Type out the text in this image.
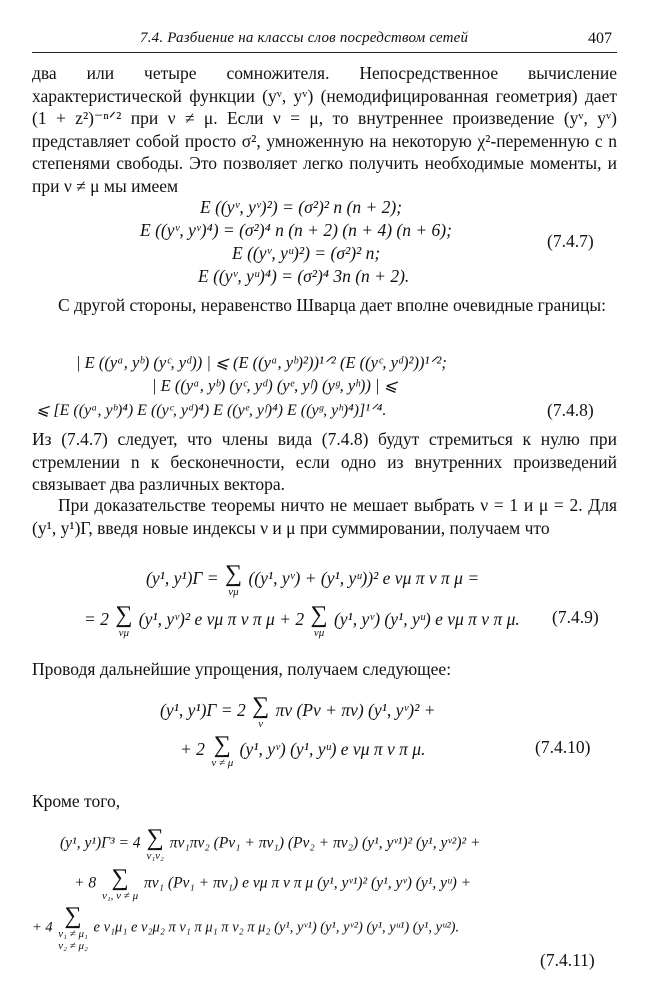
7.4. Разбиение на классы слов посредством сетей	407
два или четыре сомножителя. Непосредственное вычисление характеристической функции (yᵛ, yᵛ) (немодифицированная геометрия) дает (1 + z²)⁻ⁿᐟ² при ν ≠ μ. Если ν = μ, то внутреннее произведение (yᵛ, yᵛ) представляет собой просто σ², умноженную на некоторую χ²-переменную с n степенями свободы. Это позволяет легко получить необходимые моменты, и при ν ≠ μ мы имеем
E ((yᵛ, yᵛ)²) = (σ²)² n (n + 2);
E ((yᵛ, yᵛ)⁴) = (σ²)⁴ n (n + 2) (n + 4) (n + 6);
E ((yᵛ, yᵘ)²) = (σ²)² n;
E ((yᵛ, yᵘ)⁴) = (σ²)⁴ 3n (n + 2).
(7.4.7)
С другой стороны, неравенство Шварца дает вполне очевидные границы:
| E ((yᵃ, yᵇ) (yᶜ, yᵈ)) | ⩽ (E ((yᵃ, yᵇ)²))¹ᐟ² (E ((yᶜ, yᵈ)²))¹ᐟ²;
| E ((yᵃ, yᵇ) (yᶜ, yᵈ) (yᵉ, yᶠ) (yᵍ, yʰ)) | ⩽
⩽ [E ((yᵃ, yᵇ)⁴) E ((yᶜ, yᵈ)⁴) E ((yᵉ, yᶠ)⁴) E ((yᵍ, yʰ)⁴)]¹ᐟ⁴.	(7.4.8)
Из (7.4.7) следует, что члены вида (7.4.8) будут стремиться к нулю при стремлении n к бесконечности, если одно из внутренних произведений связывает два различных вектора.
При доказательстве теоремы ничто не мешает выбрать ν = 1 и μ = 2. Для (y¹, y¹)Γ, введя новые индексы ν и μ при суммировании, получаем что
(y¹, y¹)Γ = ∑
νμ
((y¹, yᵛ) + (y¹, yᵘ))² e νμ π ν π μ =
= 2 ∑
νμ
(y¹, yᵛ)² e νμ π ν π μ + 2 ∑
νμ
(y¹, yᵛ) (y¹, yᵘ) e νμ π ν π μ. (7.4.9)
Проводя дальнейшие упрощения, получаем следующее:
(y¹, y¹)Γ = 2 ∑
ν
πν (Pν + πν) (y¹, yᵛ)² +
+ 2 ∑
ν ≠ μ
(y¹, yᵛ) (y¹, yᵘ) e νμ π ν π μ.	(7.4.10)
Кроме того,
(y¹, y¹)Γ³ = 4 ∑
ν₁ν₂
πν₁πν₂ (Pν₁ + πν₁) (Pν₂ + πν₂) (y¹, yᵛ¹)² (y¹, yᵛ²)² +
+ 8 ∑
ν₁, ν ≠ μ
πν₁ (Pν₁ + πν₁) e νμ π ν π μ (y¹, yᵛ¹)² (y¹, yᵛ) (y¹, yᵘ) +
+ 4 ∑
ν₁ ≠ μ₁
ν₂ ≠ μ₂
e ν₁μ₁ e ν₂μ₂ π ν₁ π μ₁ π ν₂ π μ₂ (y¹, yᵛ¹) (y¹, yᵛ²) (y¹, yᵘ¹) (y¹, yᵘ²).
(7.4.11)
